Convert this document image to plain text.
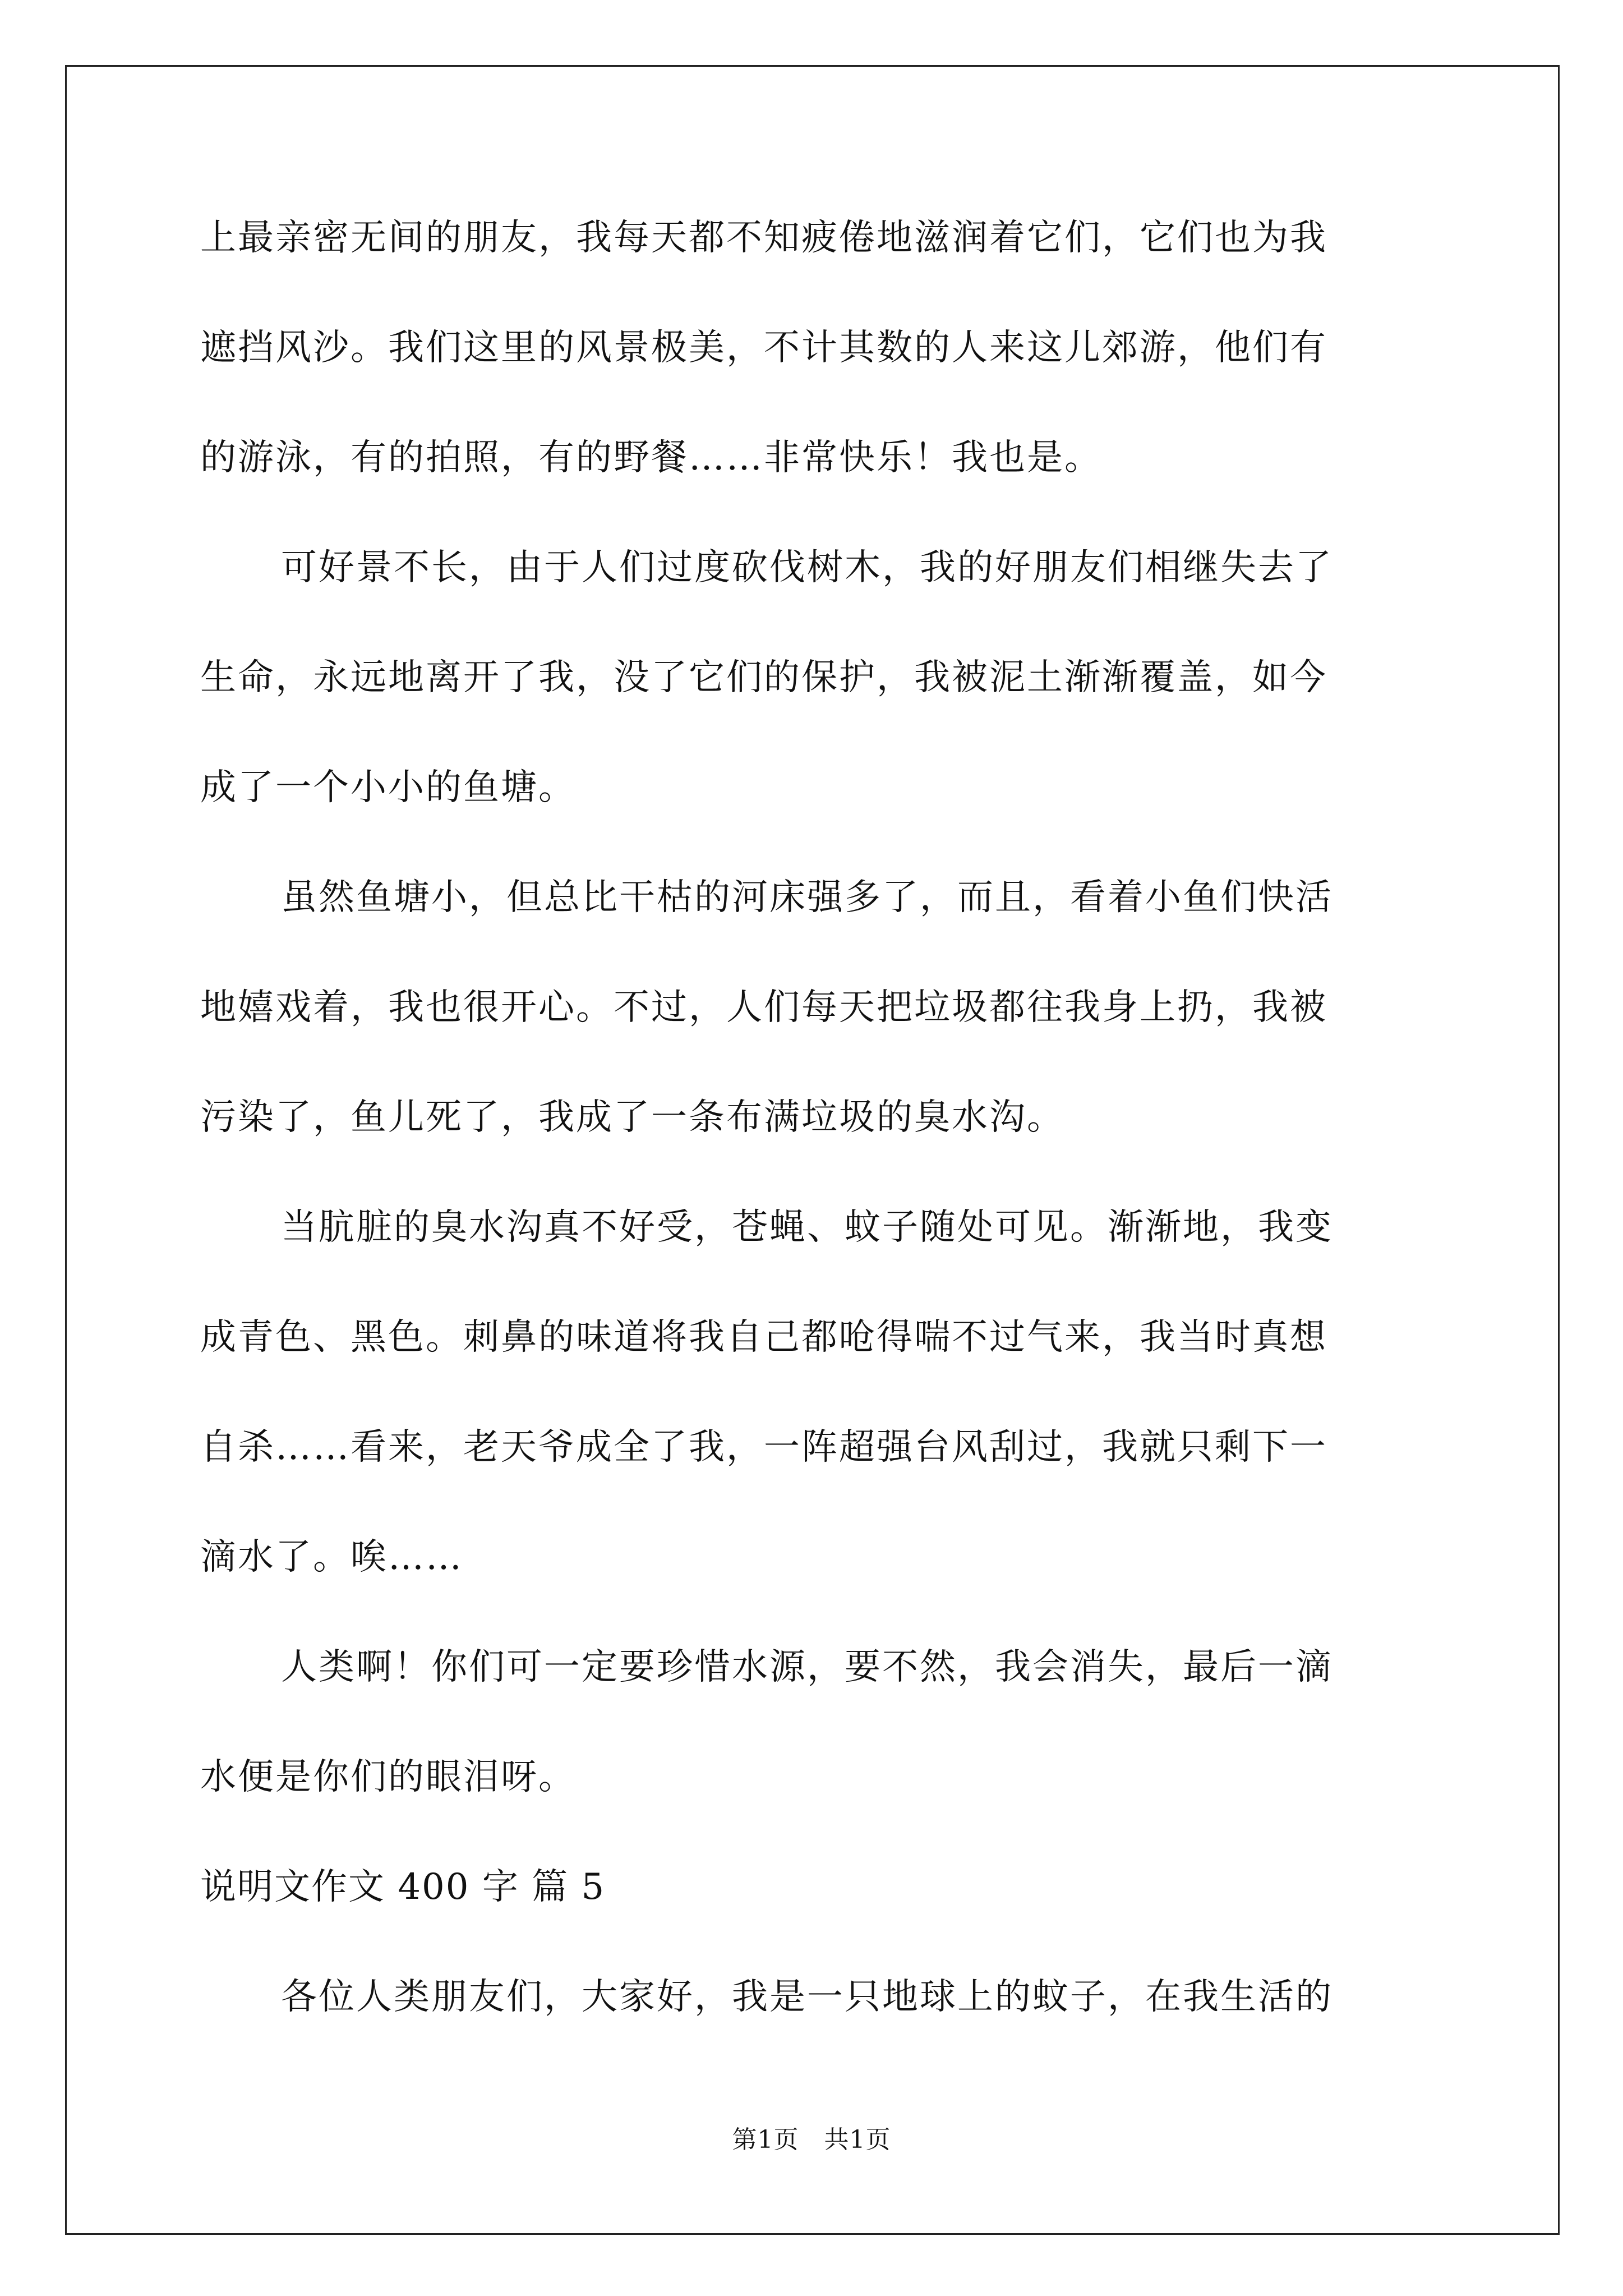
上最亲密无间的朋友，我每天都不知疲倦地滋润着它们，它们也为我
遮挡风沙。我们这里的风景极美，不计其数的人来这儿郊游，他们有
的游泳，有的拍照，有的野餐……非常快乐！我也是。
可好景不长，由于人们过度砍伐树木，我的好朋友们相继失去了
生命，永远地离开了我，没了它们的保护，我被泥土渐渐覆盖，如今
成了一个小小的鱼塘。
虽然鱼塘小，但总比干枯的河床强多了，而且，看着小鱼们快活
地嬉戏着，我也很开心。不过，人们每天把垃圾都往我身上扔，我被
污染了，鱼儿死了，我成了一条布满垃圾的臭水沟。
当肮脏的臭水沟真不好受，苍蝇、蚊子随处可见。渐渐地，我变
成青色、黑色。刺鼻的味道将我自己都呛得喘不过气来，我当时真想
自杀……看来，老天爷成全了我，一阵超强台风刮过，我就只剩下一
滴水了。唉……
人类啊！你们可一定要珍惜水源，要不然，我会消失，最后一滴
水便是你们的眼泪呀。
说明文作文 400 字 篇 5
各位人类朋友们，大家好，我是一只地球上的蚊子，在我生活的
第1页   共1页
